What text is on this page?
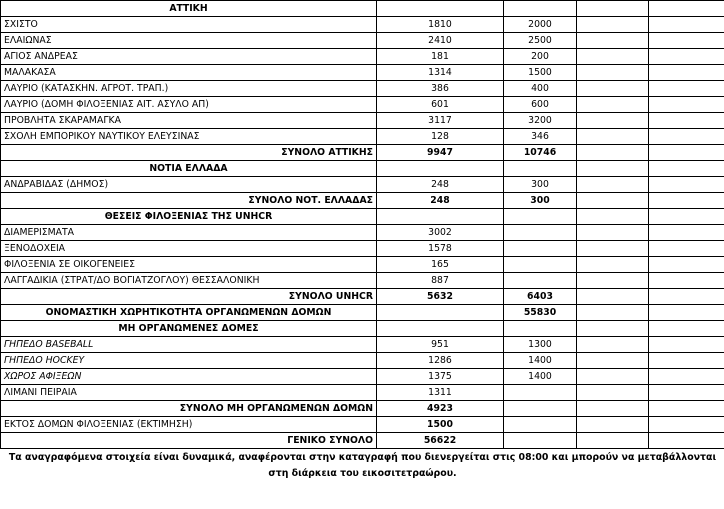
ΑΤΤΙΚΗ				
ΣΧΙΣΤΟ	1810	2000		
ΕΛΑΙΩΝΑΣ	2410	2500		
ΑΓΙΟΣ ΑΝΔΡΕΑΣ	181	200		
ΜΑΛΑΚΑΣΑ	1314	1500		
ΛΑΥΡΙΟ (ΚΑΤΑΣΚΗΝ. ΑΓΡΟΤ. ΤΡΑΠ.)	386	400		
ΛΑΥΡΙΟ (ΔΟΜΗ ΦΙΛΟΞΕΝΙΑΣ ΑΙΤ. ΑΣΥΛΟ ΑΠ)	601	600		
ΠΡΟΒΛΗΤΑ ΣΚΑΡΑΜΑΓΚΑ	3117	3200		
ΣΧΟΛΗ ΕΜΠΟΡΙΚΟΥ ΝΑΥΤΙΚΟΥ ΕΛΕΥΣΙΝΑΣ	128	346		
ΣΥΝΟΛΟ ΑΤΤΙΚΗΣ	9947	10746		
ΝΟΤΙΑ ΕΛΛΑΔΑ				
ΑΝΔΡΑΒΙΔΑΣ (ΔΗΜΟΣ)	248	300		
ΣΥΝΟΛΟ ΝΟΤ. ΕΛΛΑΔΑΣ	248	300		
ΘΕΣΕΙΣ ΦΙΛΟΞΕΝΙΑΣ ΤΗΣ UNHCR				
ΔΙΑΜΕΡΙΣΜΑΤΑ	3002			
ΞΕΝΟΔΟΧΕΙΑ	1578			
ΦΙΛΟΞΕΝΙΑ ΣΕ ΟΙΚΟΓΕΝΕΙΕΣ	165			
ΛΑΓΓΑΔΙΚΙΑ (ΣΤΡΑΤ/ΔΟ ΒΟΓΙΑΤΖΟΓΛΟΥ) ΘΕΣΣΑΛΟΝΙΚΗ	887			
ΣΥΝΟΛΟ UNHCR	5632	6403		
ΟΝΟΜΑΣΤΙΚΗ ΧΩΡΗΤΙΚΟΤΗΤΑ ΟΡΓΑΝΩΜΕΝΩΝ ΔΟΜΩΝ		55830		
ΜΗ ΟΡΓΑΝΩΜΕΝΕΣ ΔΟΜΕΣ				
ΓΗΠΕΔΟ BASEBALL	951	1300		
ΓΗΠΕΔΟ HOCKEY	1286	1400		
ΧΩΡΟΣ ΑΦΙΞΕΩΝ	1375	1400		
ΛΙΜΑΝΙ ΠΕΙΡΑΙΑ	1311			
ΣΥΝΟΛΟ ΜΗ ΟΡΓΑΝΩΜΕΝΩΝ ΔΟΜΩΝ	4923			
ΕΚΤΟΣ ΔΟΜΩΝ ΦΙΛΟΞΕΝΙΑΣ (ΕΚΤΙΜΗΣΗ)	1500			
ΓΕΝΙΚΟ ΣΥΝΟΛΟ	56622			
Τα αναγραφόμενα στοιχεία είναι δυναμικά, αναφέρονται στην καταγραφή που διενεργείται στις 08:00 και μπορούν να μεταβάλλονται στη διάρκεια του εικοσιτετραώρου.				
